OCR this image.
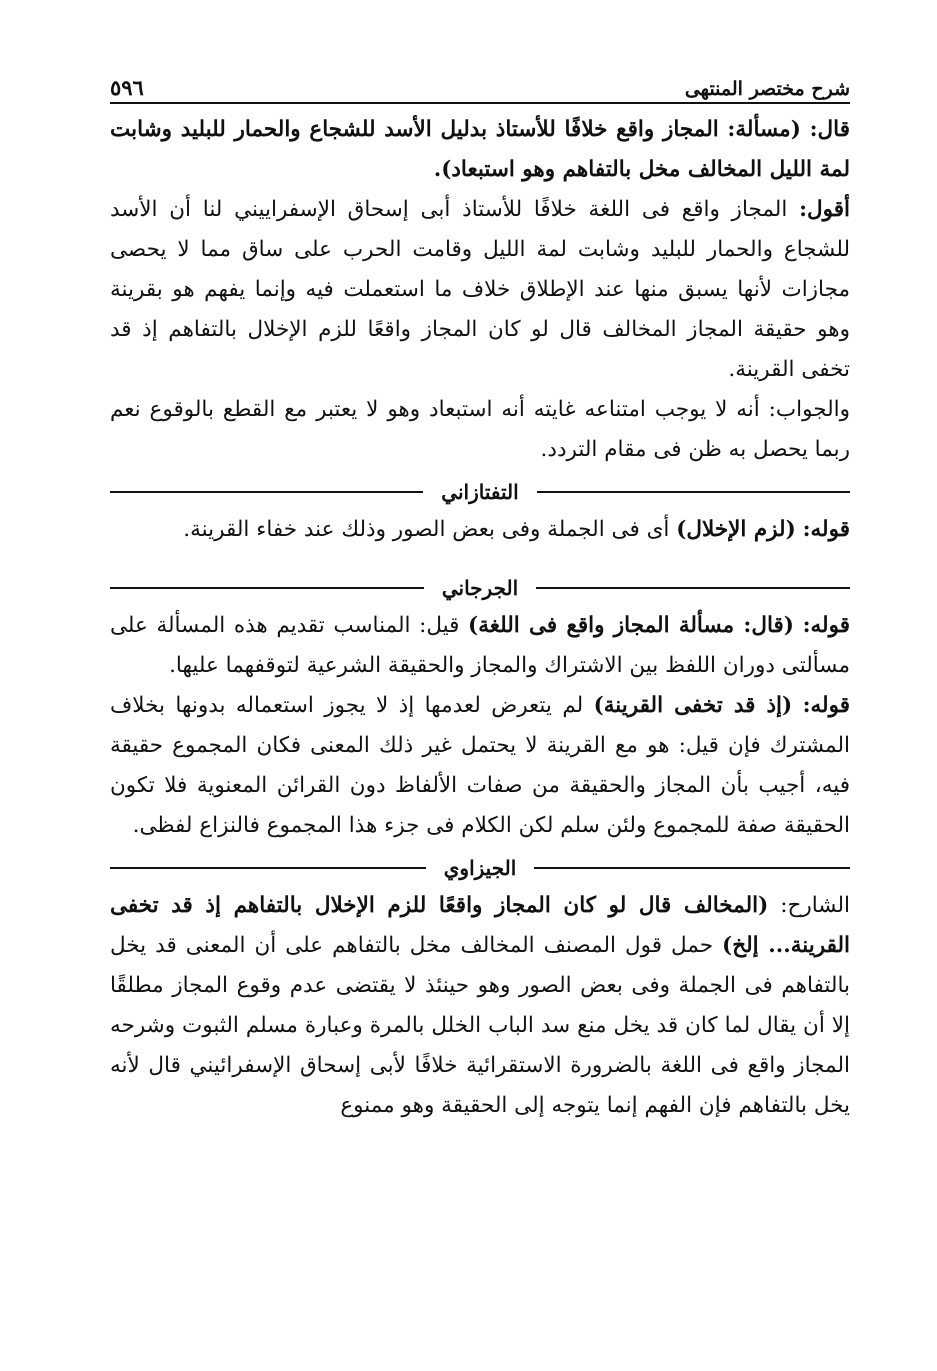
شرح مختصر المنتهى
٥٩٦

قال: (مسألة: المجاز واقع خلافًا للأستاذ بدليل الأسد للشجاع والحمار للبليد وشابت لمة الليل المخالف مخل بالتفاهم وهو استبعاد).

أقول: المجاز واقع فى اللغة خلافًا للأستاذ أبى إسحاق الإسفراييني لنا أن الأسد للشجاع والحمار للبليد وشابت لمة الليل وقامت الحرب على ساق مما لا يحصى مجازات لأنها يسبق منها عند الإطلاق خلاف ما استعملت فيه وإنما يفهم هو بقرينة وهو حقيقة المجاز المخالف قال لو كان المجاز واقعًا للزم الإخلال بالتفاهم إذ قد تخفى القرينة.

والجواب: أنه لا يوجب امتناعه غايته أنه استبعاد وهو لا يعتبر مع القطع بالوقوع نعم ربما يحصل به ظن فى مقام التردد.

التفتازاني

قوله: (لزم الإخلال) أى فى الجملة وفى بعض الصور وذلك عند خفاء القرينة.

الجرجاني

قوله: (قال: مسألة المجاز واقع فى اللغة) قيل: المناسب تقديم هذه المسألة على مسألتى دوران اللفظ بين الاشتراك والمجاز والحقيقة الشرعية لتوقفهما عليها.

قوله: (إذ قد تخفى القرينة) لم يتعرض لعدمها إذ لا يجوز استعماله بدونها بخلاف المشترك فإن قيل: هو مع القرينة لا يحتمل غير ذلك المعنى فكان المجموع حقيقة فيه، أجيب بأن المجاز والحقيقة من صفات الألفاظ دون القرائن المعنوية فلا تكون الحقيقة صفة للمجموع ولئن سلم لكن الكلام فى جزء هذا المجموع فالنزاع لفظى.

الجيزاوي

الشارح: (المخالف قال لو كان المجاز واقعًا للزم الإخلال بالتفاهم إذ قد تخفى القرينة... إلخ) حمل قول المصنف المخالف مخل بالتفاهم على أن المعنى قد يخل بالتفاهم فى الجملة وفى بعض الصور وهو حينئذ لا يقتضى عدم وقوع المجاز مطلقًا إلا أن يقال لما كان قد يخل منع سد الباب الخلل بالمرة وعبارة مسلم الثبوت وشرحه المجاز واقع فى اللغة بالضرورة الاستقرائية خلافًا لأبى إسحاق الإسفرائيني قال لأنه يخل بالتفاهم فإن الفهم إنما يتوجه إلى الحقيقة وهو ممنوع
